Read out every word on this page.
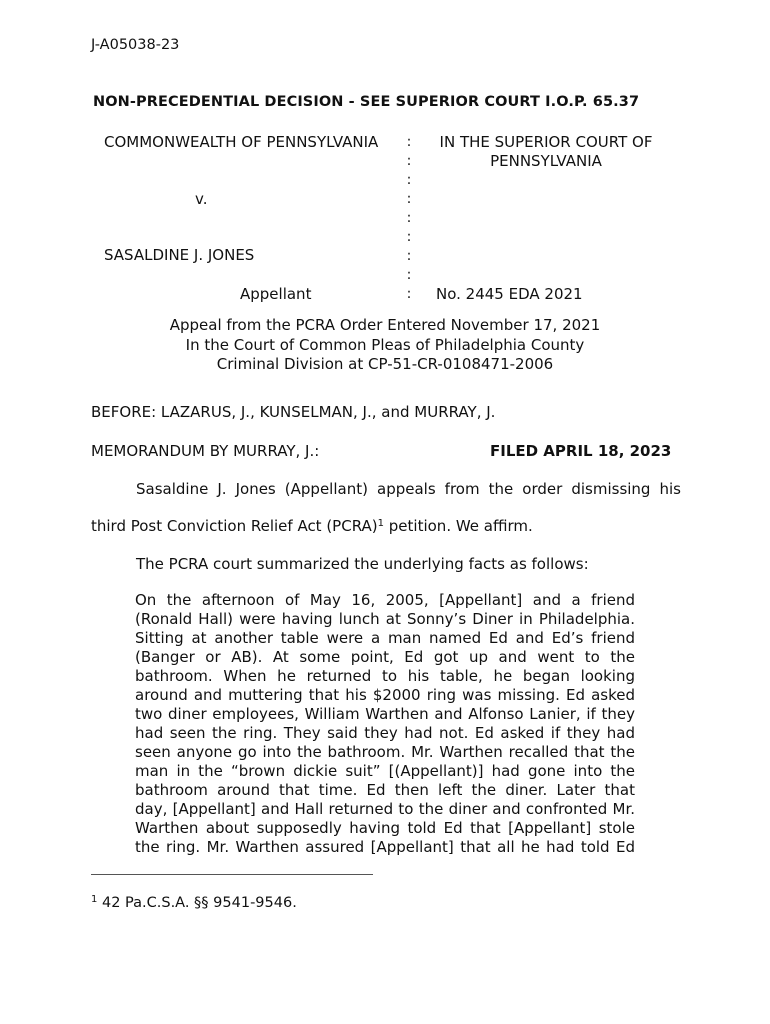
J-A05038-23
NON-PRECEDENTIAL DECISION - SEE SUPERIOR COURT I.O.P. 65.37
COMMONWEALTH OF PENNSYLVANIA
v.
SASALDINE J. JONES
Appellant
:
:
:
:
:
:
:
:
:
IN THE SUPERIOR COURT OF
PENNSYLVANIA
No. 2445 EDA 2021
Appeal from the PCRA Order Entered November 17, 2021
In the Court of Common Pleas of Philadelphia County
Criminal Division at CP-51-CR-0108471-2006
BEFORE: LAZARUS, J., KUNSELMAN, J., and MURRAY, J.
MEMORANDUM BY MURRAY, J.:	FILED APRIL 18, 2023
Sasaldine J. Jones (Appellant) appeals from the order dismissing his
third Post Conviction Relief Act (PCRA)$^1$ petition. We affirm.
The PCRA court summarized the underlying facts as follows:
On the afternoon of May 16, 2005, [Appellant] and a friend
(Ronald Hall) were having lunch at Sonny’s Diner in Philadelphia.
Sitting at another table were a man named Ed and Ed’s friend
(Banger or AB). At some point, Ed got up and went to the
bathroom. When he returned to his table, he began looking
around and muttering that his $2000 ring was missing. Ed asked
two diner employees, William Warthen and Alfonso Lanier, if they
had seen the ring. They said they had not. Ed asked if they had
seen anyone go into the bathroom. Mr. Warthen recalled that the
man in the “brown dickie suit” [(Appellant)] had gone into the
bathroom around that time. Ed then left the diner. Later that
day, [Appellant] and Hall returned to the diner and confronted Mr.
Warthen about supposedly having told Ed that [Appellant] stole
the ring. Mr. Warthen assured [Appellant] that all he had told Ed
$^1$ 42 Pa.C.S.A. §§ 9541-9546.
